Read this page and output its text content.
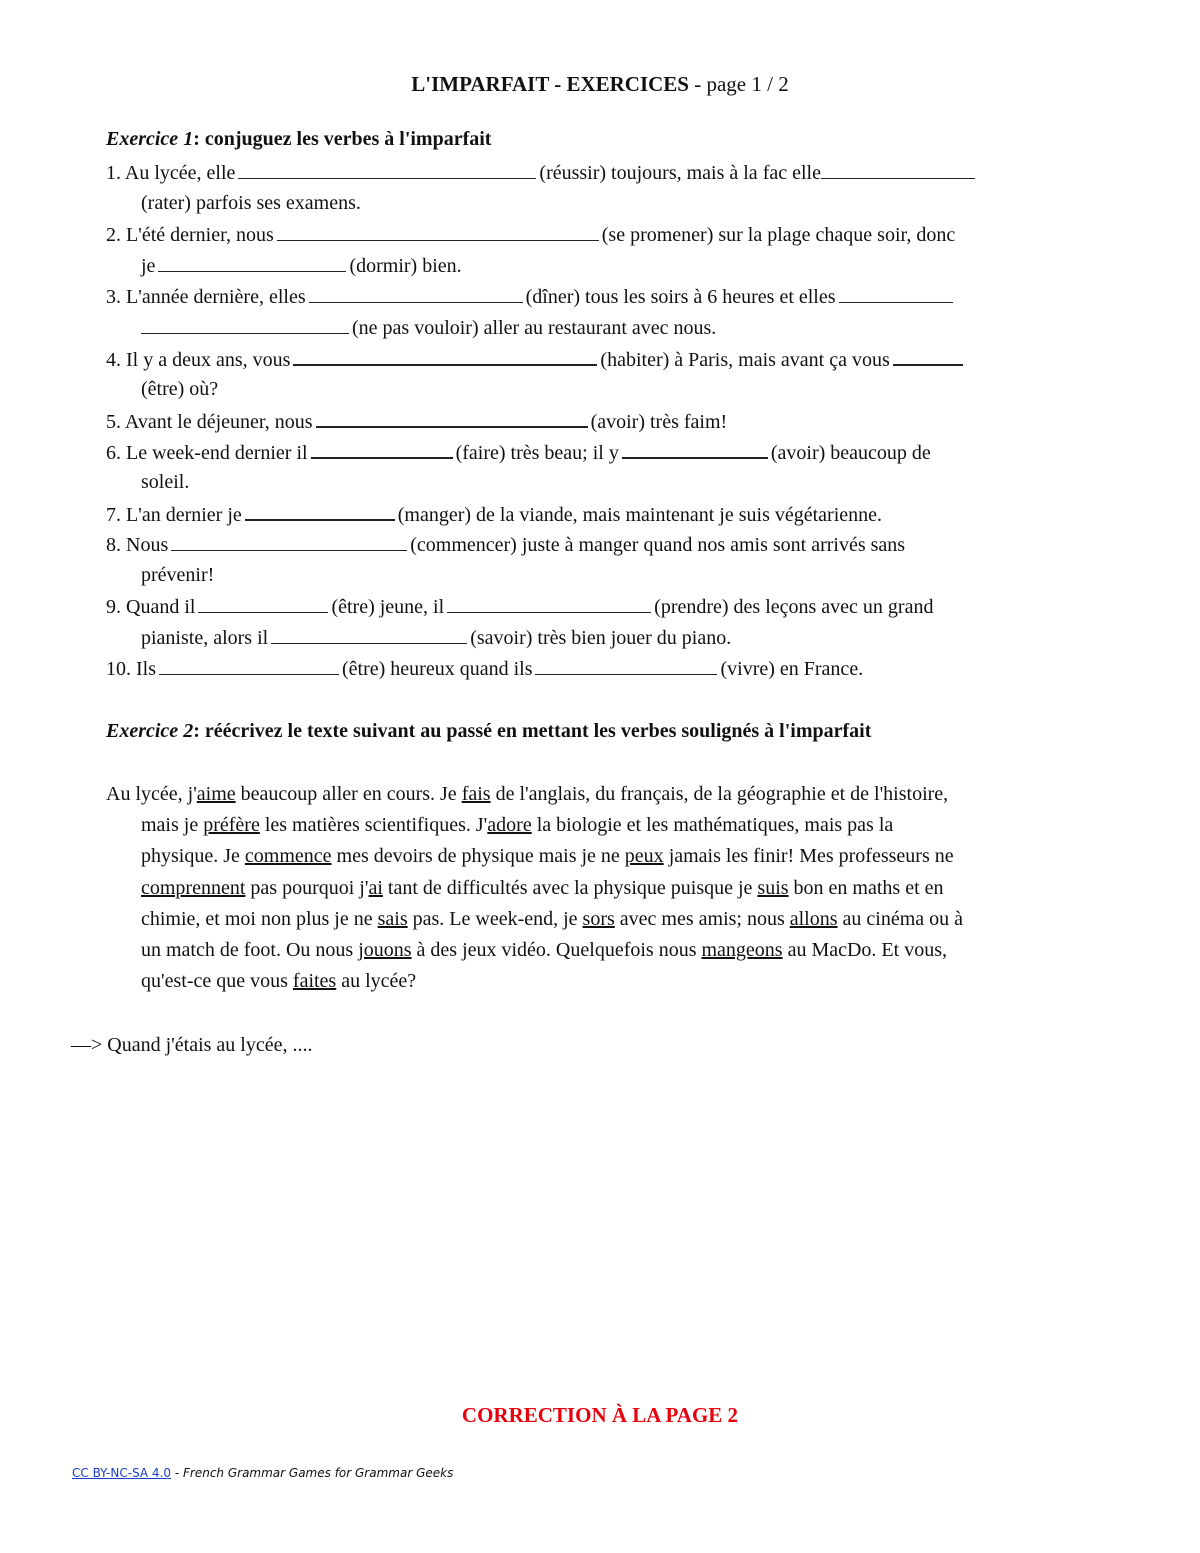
L'IMPARFAIT - EXERCICES - page 1 / 2
Exercice 1: conjuguez les verbes à l'imparfait
1. Au lycée, elle	(réussir) toujours, mais à la fac elle
(rater) parfois ses examens.
2. L'été dernier, nous	(se promener) sur la plage chaque soir, donc
je	(dormir) bien.
3. L'année dernière, elles	(dîner) tous les soirs à 6 heures et elles
(ne pas vouloir) aller au restaurant avec nous.
4. Il y a deux ans, vous	(habiter) à Paris, mais avant ça vous
(être) où?
5. Avant le déjeuner, nous	(avoir) très faim!
6. Le week-end dernier il	(faire) très beau; il y	(avoir) beaucoup de
soleil.
7. L'an dernier je	(manger) de la viande, mais maintenant je suis végétarienne.
8. Nous	(commencer) juste à manger quand nos amis sont arrivés sans
prévenir!
9. Quand il	(être) jeune, il	(prendre) des leçons avec un grand
pianiste, alors il	(savoir) très bien jouer du piano.
10. Ils	(être) heureux quand ils	(vivre) en France.
Exercice 2: réécrivez le texte suivant au passé en mettant les verbes soulignés à l'imparfait
Au lycée, j'aime beaucoup aller en cours. Je fais de l'anglais, du français, de la géographie et de l'histoire,
mais je préfère les matières scientifiques. J'adore la biologie et les mathématiques, mais pas la
physique. Je commence mes devoirs de physique mais je ne peux jamais les finir! Mes professeurs ne
comprennent pas pourquoi j'ai tant de difficultés avec la physique puisque je suis bon en maths et en
chimie, et moi non plus je ne sais pas. Le week-end, je sors avec mes amis; nous allons au cinéma ou à
un match de foot. Ou nous jouons à des jeux vidéo. Quelquefois nous mangeons au MacDo. Et vous,
qu'est-ce que vous faites au lycée?
—> Quand j'étais au lycée, ....
CORRECTION À LA PAGE 2
CC BY-NC-SA 4.0 - French Grammar Games for Grammar Geeks
